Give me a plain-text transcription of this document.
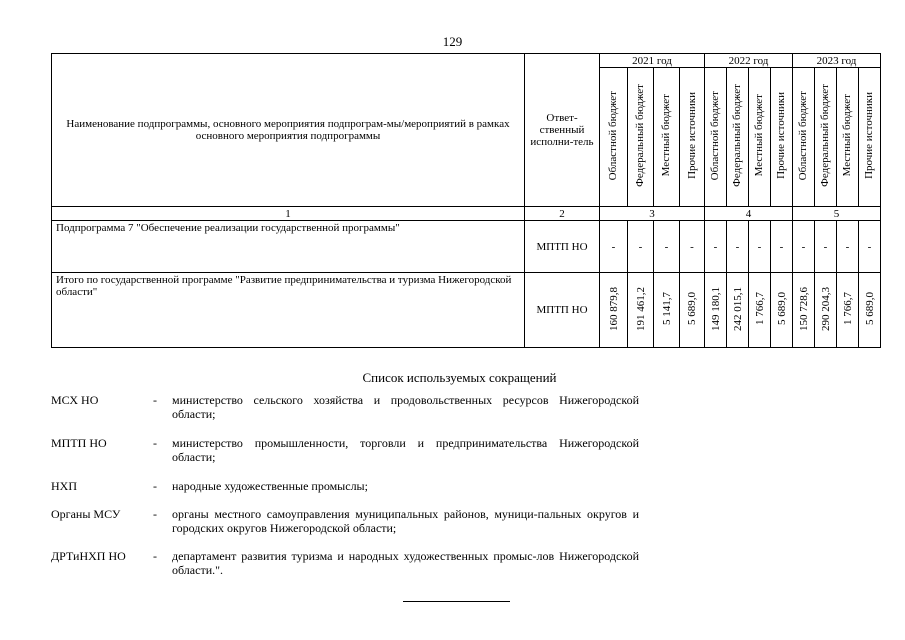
129
Наименование подпрограммы, основного мероприятия подпрограм-мы/мероприятий в рамках основного мероприятия подпрограммы	Ответ-ственный исполни-тель	2021 год				2022 год				2023 год			
		Областной бюджет	Федеральный бюджет	Местный бюджет	Прочие источники	Областной бюджет	Федеральный бюджет	Местный бюджет	Прочие источники	Областной бюджет	Федеральный бюджет	Местный бюджет	Прочие источники
1	2	3				4				5			
Подпрограмма 7 "Обеспечение реализации государственной программы"	МПТП НО	-	-	-	-	-	-	-	-	-	-	-	-
Итого по государственной программе "Развитие предпринимательства и туризма Нижегородской области"	МПТП НО	160 879,8	191 461,2	5 141,7	5 689,0	149 180,1	242 015,1	1 766,7	5 689,0	150 728,6	290 204,3	1 766,7	5 689,0
Список используемых сокращений
МСХ НО	- министерство сельского хозяйства и продовольственных ресурсов Нижегородской области;
МПТП НО	- министерство промышленности, торговли и предпринимательства Нижегородской области;
НХП	- народные художественные промыслы;
Органы МСУ	- органы местного самоуправления муниципальных районов, муници-пальных округов и городских округов Нижегородской области;
ДРТиНХП НО	- департамент развития туризма и народных художественных промыс-лов Нижегородской области.".
